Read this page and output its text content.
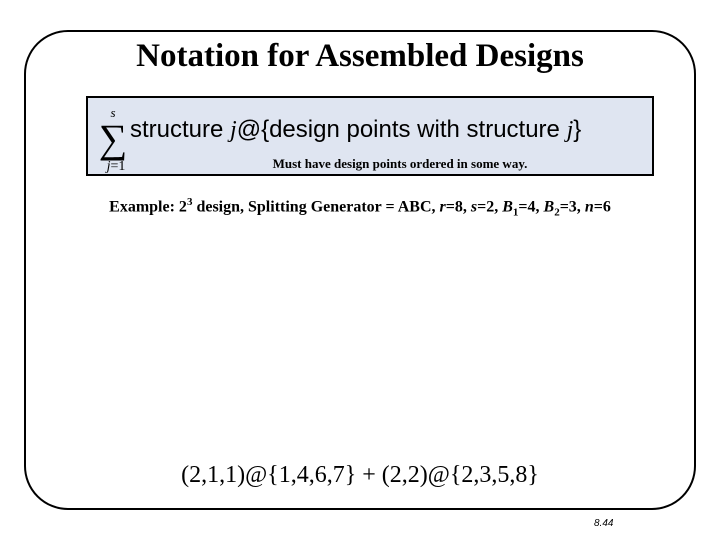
Notation for Assembled Designs
s
∑
j=1
structure j@{design points with structure j}
Must have design points ordered in some way.
Example: $2^3$ design, Splitting Generator = ABC, r=8, s=2, $B_1=4$, $B_2=3$, n=6
(2,1,1)@{1,4,6,7} + (2,2)@{2,3,5,8}
8.44
